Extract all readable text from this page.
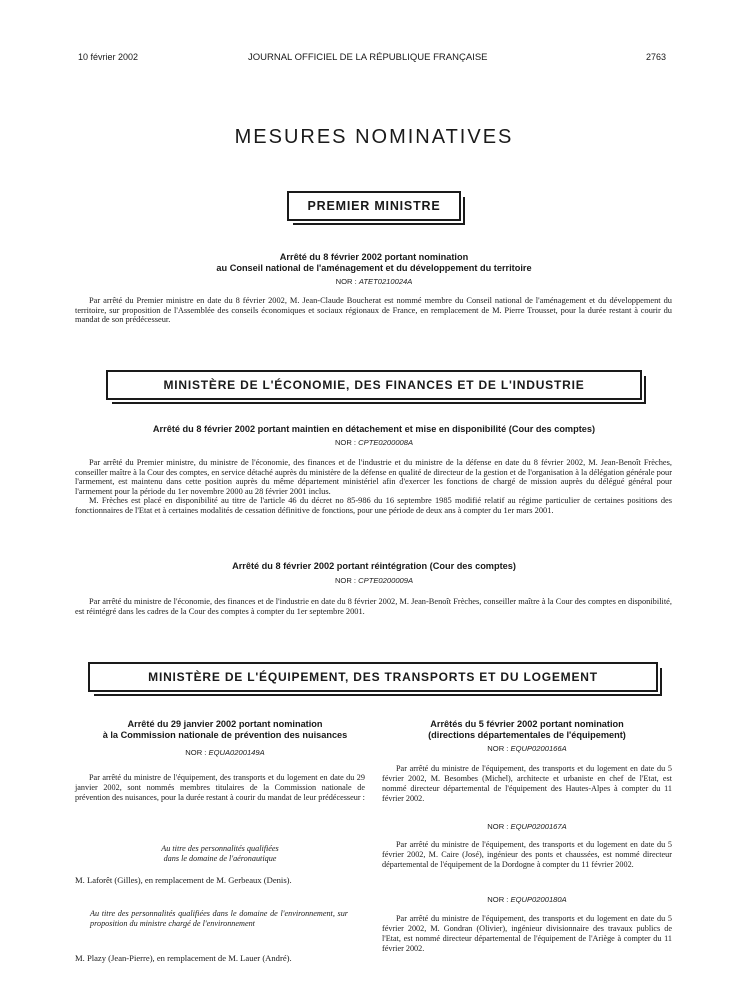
10 février 2002	JOURNAL OFFICIEL DE LA RÉPUBLIQUE FRANÇAISE	2763
MESURES NOMINATIVES
PREMIER MINISTRE
Arrêté du 8 février 2002 portant nomination
au Conseil national de l'aménagement et du développement du territoire
NOR : ATET0210024A

Par arrêté du Premier ministre en date du 8 février 2002, M. Jean-Claude Boucherat est nommé membre du Conseil national de l'aménagement et du développement du territoire, sur proposition de l'Assemblée des conseils économiques et sociaux régionaux de France, en remplacement de M. Pierre Trousset, pour la durée restant à courir du mandat de son prédécesseur.

MINISTÈRE DE L'ÉCONOMIE, DES FINANCES ET DE L'INDUSTRIE
Arrêté du 8 février 2002 portant maintien en détachement et mise en disponibilité (Cour des comptes)
NOR : CPTE0200008A

Par arrêté du Premier ministre, du ministre de l'économie, des finances et de l'industrie et du ministre de la défense en date du 8 février 2002, M. Jean-Benoît Frèches, conseiller maître à la Cour des comptes, en service détaché auprès du ministère de la défense en qualité de directeur de la gestion et de l'organisation à la délégation générale pour l'armement, est maintenu dans cette position auprès du même département ministériel afin d'exercer les fonctions de chargé de mission auprès du délégué général pour l'armement pour la période du 1er novembre 2000 au 28 février 2001 inclus.

M. Frèches est placé en disponibilité au titre de l'article 46 du décret no 85-986 du 16 septembre 1985 modifié relatif au régime particulier de certaines positions des fonctionnaires de l'Etat et à certaines modalités de cessation définitive de fonctions, pour une période de deux ans à compter du 1er mars 2001.

Arrêté du 8 février 2002 portant réintégration (Cour des comptes)
NOR : CPTE0200009A

Par arrêté du ministre de l'économie, des finances et de l'industrie en date du 8 février 2002, M. Jean-Benoît Frèches, conseiller maître à la Cour des comptes en disponibilité, est réintégré dans les cadres de la Cour des comptes à compter du 1er septembre 2001.

MINISTÈRE DE L'ÉQUIPEMENT, DES TRANSPORTS ET DU LOGEMENT
Arrêté du 29 janvier 2002 portant nomination
à la Commission nationale de prévention des nuisances
NOR : EQUA0200149A

Par arrêté du ministre de l'équipement, des transports et du logement en date du 29 janvier 2002, sont nommés membres titulaires de la Commission nationale de prévention des nuisances, pour la durée restant à courir du mandat de leur prédécesseur :

Au titre des personnalités qualifiées
dans le domaine de l'aéronautique

M. Laforêt (Gilles), en remplacement de M. Gerbeaux (Denis).

Au titre des personnalités qualifiées dans le domaine de l'environnement, sur proposition du ministre chargé de l'environnement

M. Plazy (Jean-Pierre), en remplacement de M. Lauer (André).

Arrêtés du 5 février 2002 portant nomination
(directions départementales de l'équipement)
NOR : EQUP0200166A

Par arrêté du ministre de l'équipement, des transports et du logement en date du 5 février 2002, M. Besombes (Michel), architecte et urbaniste en chef de l'Etat, est nommé directeur départemental de l'équipement des Hautes-Alpes à compter du 11 février 2002.

NOR : EQUP0200167A

Par arrêté du ministre de l'équipement, des transports et du logement en date du 5 février 2002, M. Caire (José), ingénieur des ponts et chaussées, est nommé directeur départemental de l'équipement de la Dordogne à compter du 11 février 2002.

NOR : EQUP0200180A

Par arrêté du ministre de l'équipement, des transports et du logement en date du 5 février 2002, M. Gondran (Olivier), ingénieur divisionnaire des travaux publics de l'Etat, est nommé directeur départemental de l'équipement de l'Ariège à compter du 11 février 2002.
